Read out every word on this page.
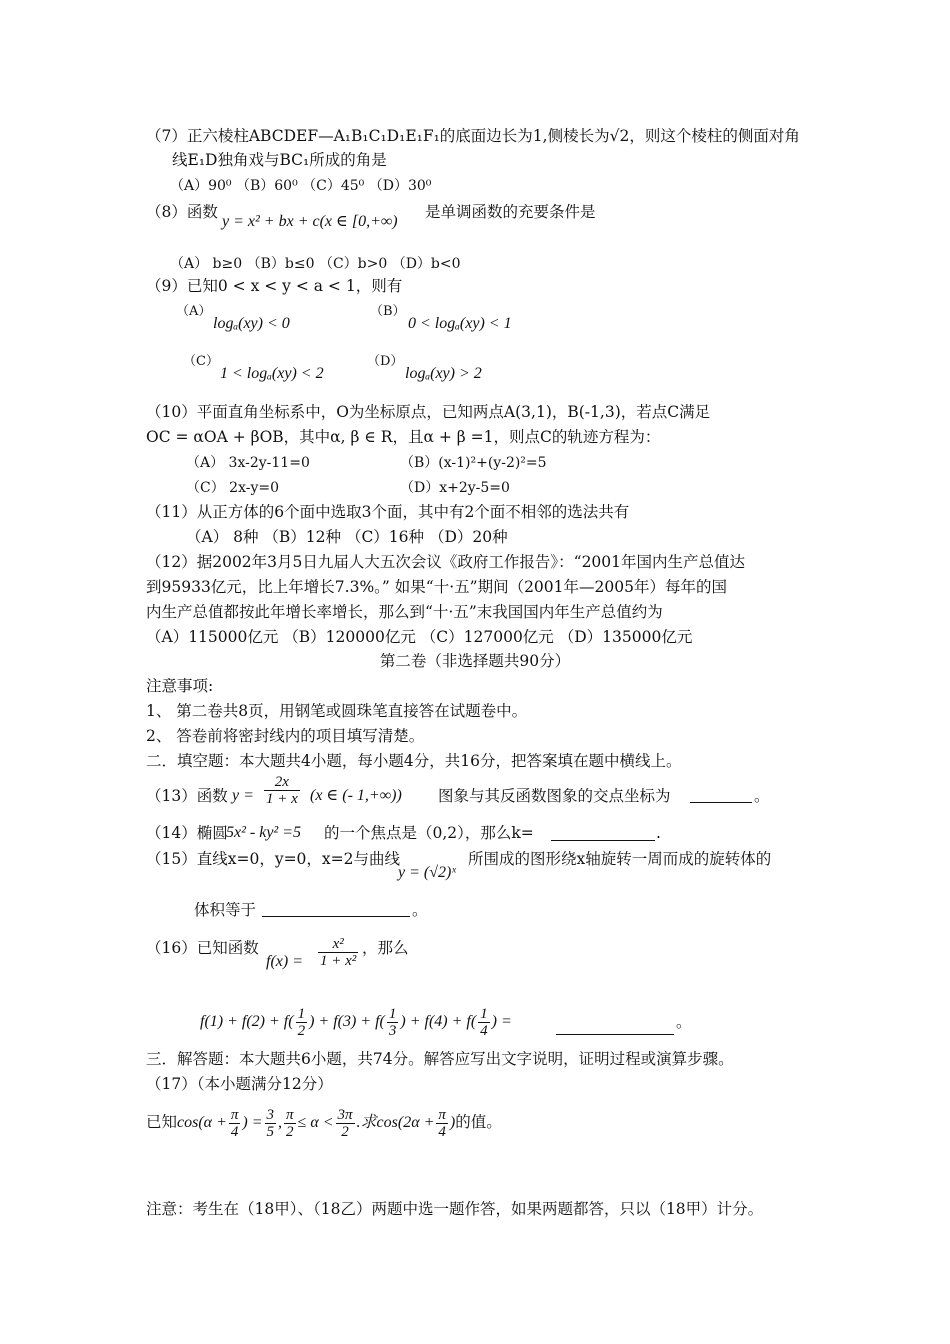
（7）正六棱柱ABCDEF—A₁B₁C₁D₁E₁F₁的底面边长为1,侧棱长为√2，则这个棱柱的侧面对角
线E₁D独角戏与BC₁所成的角是
（A）90⁰ （B）60⁰ （C）45⁰ （D）30⁰
（8）函数
y = x² + bx + c(x ∈ [0,+∞)
是单调函数的充要条件是
（A） b≥0 （B）b≤0 （C）b>0 （D）b<0
（9）已知0 < x < y < a < 1，则有
（A）
logₐ(xy) < 0
（B）
0 < logₐ(xy) < 1
（C）
1 < logₐ(xy) < 2
（D）
logₐ(xy) > 2
（10）平面直角坐标系中，O为坐标原点，已知两点A(3,1)，B(-1,3)，若点C满足
OC = αOA + βOB，其中α, β ∈ R，且α + β =1，则点C的轨迹方程为：
（A） 3x-2y-11=0	（B）(x-1)²+(y-2)²=5
（C） 2x-y=0	（D）x+2y-5=0
（11）从正方体的6个面中选取3个面，其中有2个面不相邻的选法共有
（A） 8种 （B）12种 （C）16种 （D）20种
（12）据2002年3月5日九届人大五次会议《政府工作报告》：“2001年国内生产总值达
到95933亿元，比上年增长7.3%。” 如果“十·五”期间（2001年—2005年）每年的国
内生产总值都按此年增长率增长，那么到“十·五”末我国国内年生产总值约为
（A）115000亿元 （B）120000亿元 （C）127000亿元 （D）135000亿元
第二卷（非选择题共90分）
注意事项:
1、 第二卷共8页，用钢笔或圆珠笔直接答在试题卷中。
2、 答卷前将密封线内的项目填写清楚。
二．填空题：本大题共4小题，每小题4分，共16分，把答案填在题中横线上。
（13）函数 $y = \frac{2x}{1 + x} (x$ ∈ (- 1,+∞)) 图象与其反函数图象的交点坐标为	。
（14）椭圆
5x² - ky² =5 的一个焦点是（0,2），那么k=	.
（15）直线x=0，y=0，x=2与曲线
y = (√2)ˣ
所围成的图形绕x轴旋转一周而成的旋转体的
体积等于	。
（16）已知函数
$f(x) = \frac{\text{x²}}{\text{1 + x²}}$ ，那么
$f(1) + f(2) + f( \frac{1}{2}$ ) + $f(3) + f( \frac{1}{3}$ ) + $f(4) + f( \frac{1}{4}$ ) =	。
三．解答题：本大题共6小题，共74分。解答应写出文字说明，证明过程或演算步骤。
（17）（本小题满分12分）
已知$\cos(\alpha + \frac{\pi}{4}$ ) = $\frac{3}{5}$ , $\frac{\pi}{2} \le \alpha < \frac{3\pi}{2}$ .求$\cos(2\alpha + \frac{\pi}{4}$ )的值。
注意：考生在（18甲）、（18乙）两题中选一题作答，如果两题都答，只以（18甲）计分。
